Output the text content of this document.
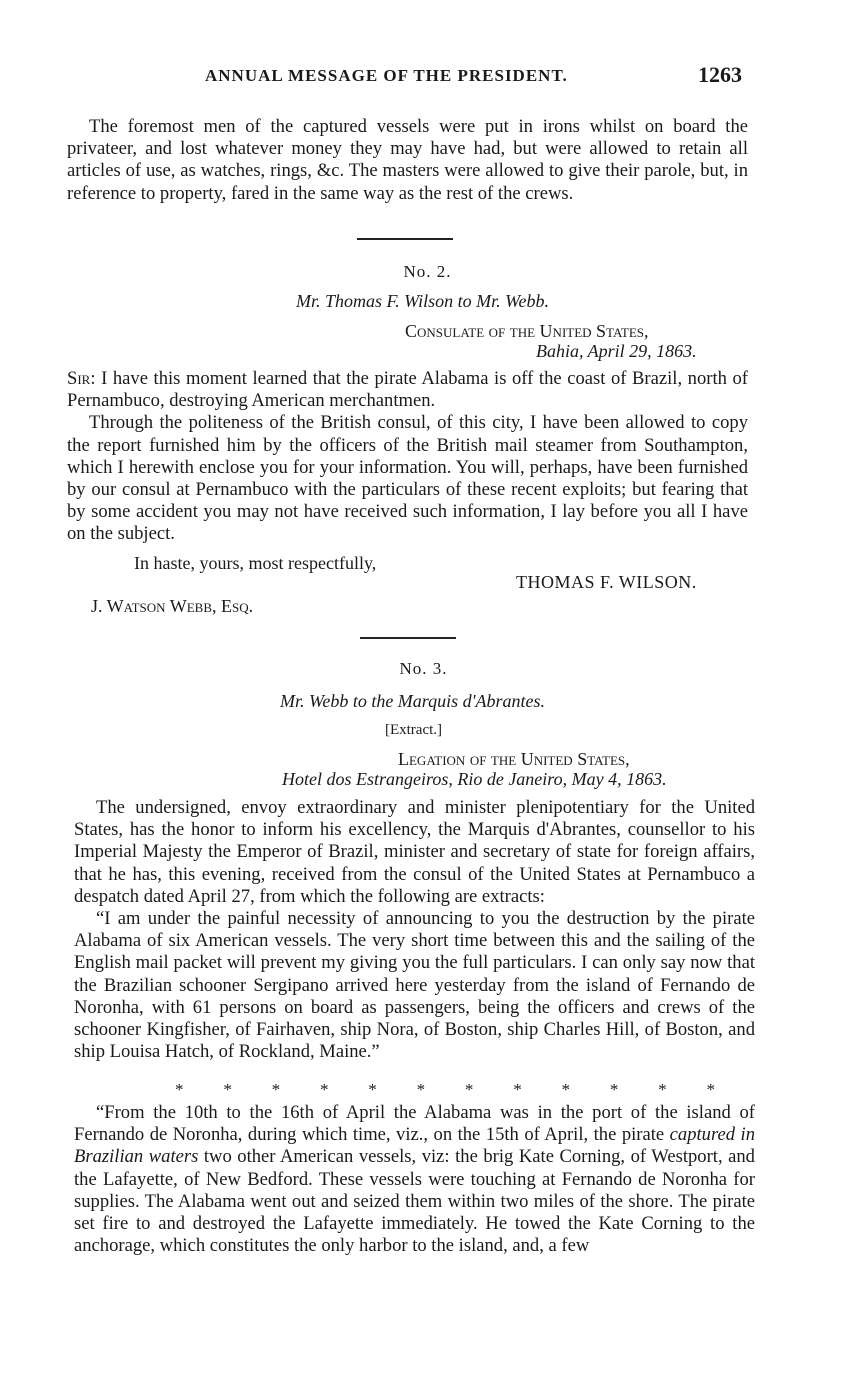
ANNUAL MESSAGE OF THE PRESIDENT.	1263

The foremost men of the captured vessels were put in irons whilst on board the privateer, and lost whatever money they may have had, but were allowed to retain all articles of use, as watches, rings, &c. The masters were allowed to give their parole, but, in reference to property, fared in the same way as the rest of the crews.

No. 2.
Mr. Thomas F. Wilson to Mr. Webb.
Consulate of the United States,
Bahia, April 29, 1863.

Sir: I have this moment learned that the pirate Alabama is off the coast of Brazil, north of Pernambuco, destroying American merchantmen.

Through the politeness of the British consul, of this city, I have been allowed to copy the report furnished him by the officers of the British mail steamer from Southampton, which I herewith enclose you for your information. You will, perhaps, have been furnished by our consul at Pernambuco with the particulars of these recent exploits; but fearing that by some accident you may not have received such information, I lay before you all I have on the subject.

In haste, yours, most respectfully,
THOMAS F. WILSON.
J. Watson Webb, Esq.
No. 3.
Mr. Webb to the Marquis d'Abrantes.
[Extract.]
Legation of the United States,
Hotel dos Estrangeiros, Rio de Janeiro, May 4, 1863.

The undersigned, envoy extraordinary and minister plenipotentiary for the United States, has the honor to inform his excellency, the Marquis d'Abrantes, counsellor to his Imperial Majesty the Emperor of Brazil, minister and secretary of state for foreign affairs, that he has, this evening, received from the consul of the United States at Pernambuco a despatch dated April 27, from which the following are extracts:

“I am under the painful necessity of announcing to you the destruction by the pirate Alabama of six American vessels. The very short time between this and the sailing of the English mail packet will prevent my giving you the full particulars. I can only say now that the Brazilian schooner Sergipano arrived here yesterday from the island of Fernando de Noronha, with 61 persons on board as passengers, being the officers and crews of the schooner Kingfisher, of Fairhaven, ship Nora, of Boston, ship Charles Hill, of Boston, and ship Louisa Hatch, of Rockland, Maine.”

* * * * * * * * * * * *

“From the 10th to the 16th of April the Alabama was in the port of the island of Fernando de Noronha, during which time, viz., on the 15th of April, the pirate captured in Brazilian waters two other American vessels, viz: the brig Kate Corning, of Westport, and the Lafayette, of New Bedford. These vessels were touching at Fernando de Noronha for supplies. The Alabama went out and seized them within two miles of the shore. The pirate set fire to and destroyed the Lafayette immediately. He towed the Kate Corning to the anchorage, which constitutes the only harbor to the island, and, a few
